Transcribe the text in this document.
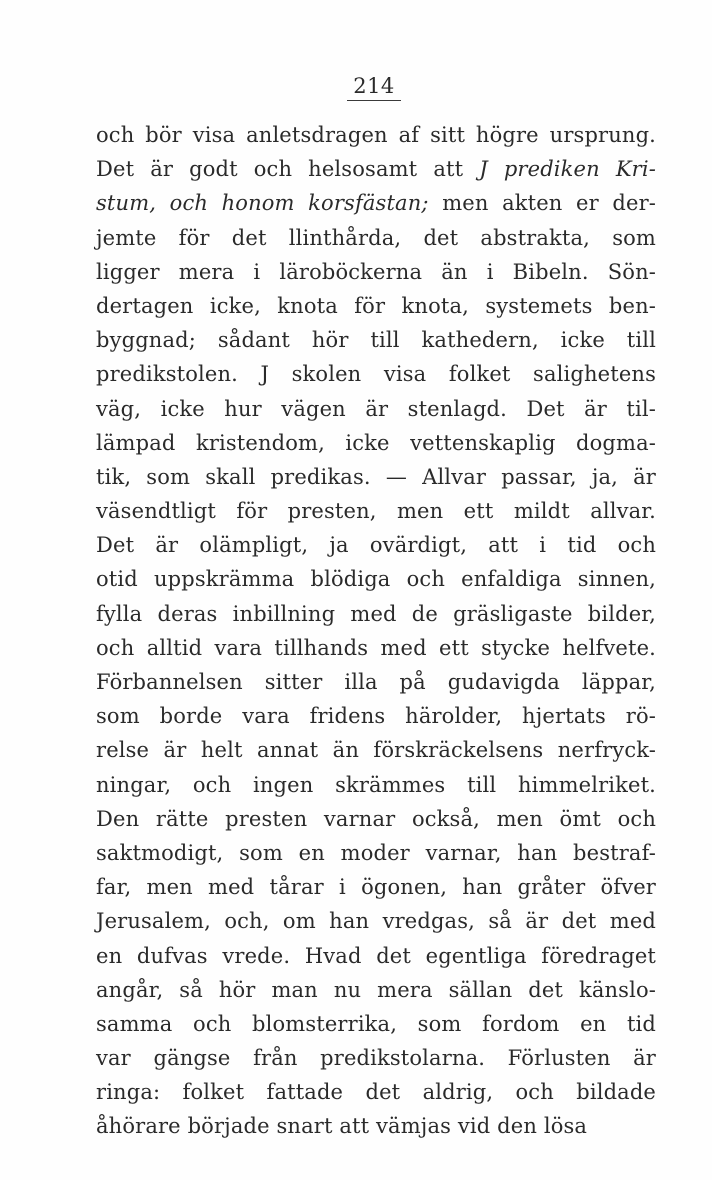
214
och bör visa anletsdragen af sitt högre ursprung.
Det är godt och helsosamt att J prediken Kri-
stum, och honom korsfästan; men akten er der-
jemte för det llinthårda, det abstrakta, som
ligger mera i läroböckerna än i Bibeln. Sön-
dertagen icke, knota för knota, systemets ben-
byggnad; sådant hör till kathedern, icke till
predikstolen. J skolen visa folket salighetens
väg, icke hur vägen är stenlagd. Det är til-
lämpad kristendom, icke vettenskaplig dogma-
tik, som skall predikas. — Allvar passar, ja, är
väsendtligt för presten, men ett mildt allvar.
Det är olämpligt, ja ovärdigt, att i tid och
otid uppskrämma blödiga och enfaldiga sinnen,
fylla deras inbillning med de gräsligaste bilder,
och alltid vara tillhands med ett stycke helfvete.
Förbannelsen sitter illa på gudavigda läppar,
som borde vara fridens härolder, hjertats rö-
relse är helt annat än förskräckelsens nerfryck-
ningar, och ingen skrämmes till himmelriket.
Den rätte presten varnar också, men ömt och
saktmodigt, som en moder varnar, han bestraf-
far, men med tårar i ögonen, han gråter öfver
Jerusalem, och, om han vredgas, så är det med
en dufvas vrede. Hvad det egentliga föredraget
angår, så hör man nu mera sällan det känslo-
samma och blomsterrika, som fordom en tid
var gängse från predikstolarna. Förlusten är
ringa: folket fattade det aldrig, och bildade
åhörare började snart att vämjas vid den lösa
